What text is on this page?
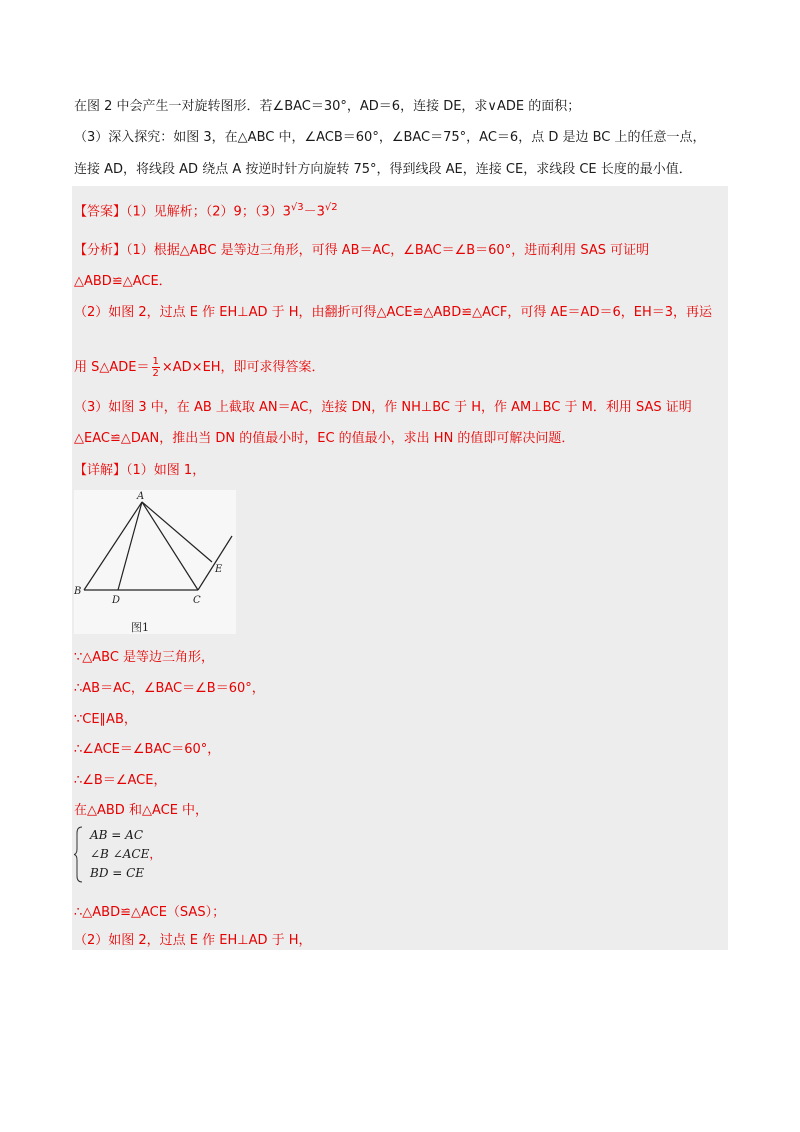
在图 2 中会产生一对旋转图形．若∠BAC＝30°，AD＝6，连接 DE，求∨ADE 的面积；
（3）深入探究：如图 3，在△ABC 中，∠ACB＝60°，∠BAC＝75°，AC＝6，点 D 是边 BC 上的任意一点，
连接 AD，将线段 AD 绕点 A 按逆时针方向旋转 75°，得到线段 AE，连接 CE，求线段 CE 长度的最小值．
【答案】（1）见解析；（2）9；$(3)3^{√3}-3^{√2}$
【分析】（1）根据△ABC 是等边三角形，可得 AB＝AC，∠BAC＝∠B＝60°，进而利用 SAS 可证明
△ABD≌△ACE．
（2）如图 2，过点 E 作 EH⊥AD 于 H，由翻折可得△ACE≌△ABD≌△ACF，可得 AE＝AD＝6，EH＝3，再运
用 S△ADE＝ $\frac{1}{2} \times AD\times EH$，即可求得答案．
（3）如图 3 中，在 AB 上截取 AN＝AC，连接 DN，作 NH⊥BC 于 H，作 AM⊥BC 于 M．利用 SAS 证明
△EAC≌△DAN，推出当 DN 的值最小时，EC 的值最小，求出 HN 的值即可解决问题．
【详解】（1）如图 1，
A
B
C
D
E
图1
∵△ABC 是等边三角形，
∴AB＝AC，∠BAC＝∠B＝60°，
∵CE∥AB，
∴∠ACE＝∠BAC＝60°，
∴∠B＝∠ACE，
在△ABD 和△ACE 中，
AB = AC
∠B ∠ACE，
BD = CE
∴△ABD≌△ACE（SAS）；
（2）如图 2，过点 E 作 EH⊥AD 于 H，
